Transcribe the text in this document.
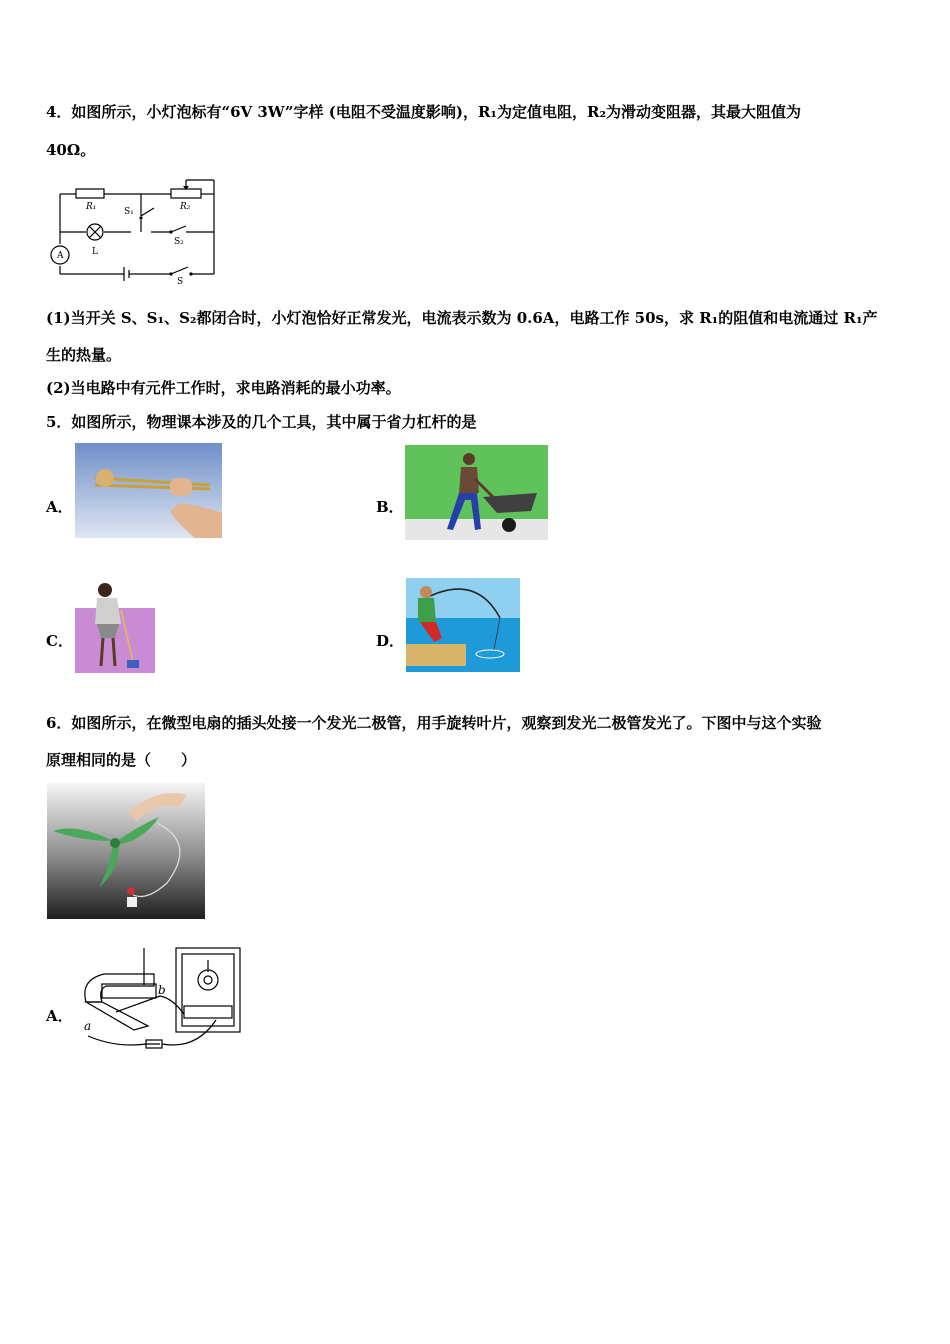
4．如图所示，小灯泡标有“6V 3W”字样 (电阻不受温度影响)，R₁为定值电阻，R₂为滑动变阻器，其最大阻值为
40Ω。
R₁	R₂
S₁
S₂
S
L
A
(1)当开关 S、S₁、S₂都闭合时，小灯泡恰好正常发光，电流表示数为 0.6A，电路工作 50s，求 R₁的阻值和电流通过 R₁产
生的热量。
(2)当电路中有元件工作时，求电路消耗的最小功率。
5．如图所示，物理课本涉及的几个工具，其中属于省力杠杆的是
A．	B．
C．	D．
6．如图所示，在微型电扇的插头处接一个发光二极管，用手旋转叶片，观察到发光二极管发光了。下图中与这个实验
原理相同的是（　　）
A．
a
b
